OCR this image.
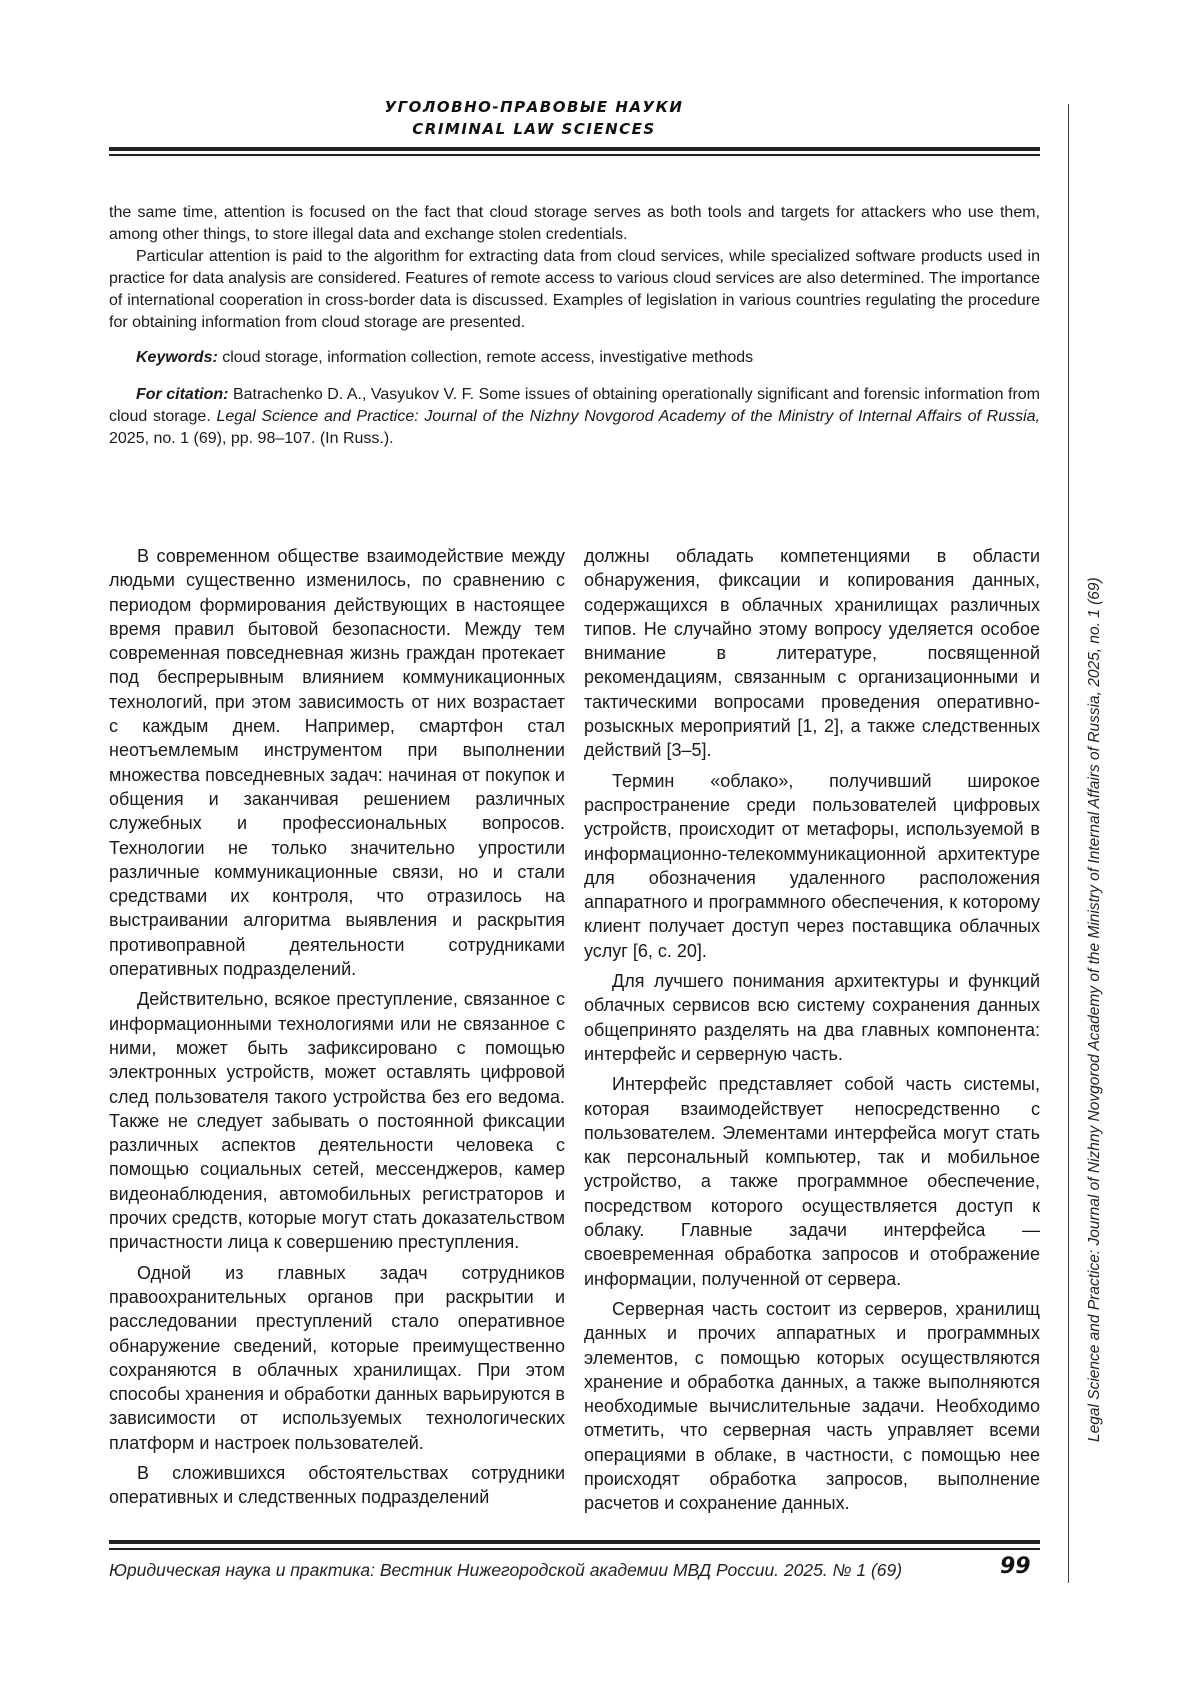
УГОЛОВНО-ПРАВОВЫЕ НАУКИ
CRIMINAL LAW SCIENCES
Legal Science and Practice: Journal of Nizhny Novgorod Academy of the Ministry of Internal Affairs of Russia, 2025, no. 1 (69)

the same time, attention is focused on the fact that cloud storage serves as both tools and targets for attackers who use them, among other things, to store illegal data and exchange stolen credentials.

Particular attention is paid to the algorithm for extracting data from cloud services, while specialized software products used in practice for data analysis are considered. Features of remote access to various cloud services are also determined. The importance of international cooperation in cross-border data is discussed. Examples of legislation in various countries regulating the procedure for obtaining information from cloud storage are presented.

Keywords: cloud storage, information collection, remote access, investigative methods

For citation: Batrachenko D. A., Vasyukov V. F. Some issues of obtaining operationally significant and forensic information from cloud storage. Legal Science and Practice: Journal of the Nizhny Novgorod Academy of the Ministry of Internal Affairs of Russia, 2025, no. 1 (69), pp. 98–107. (In Russ.).

В современном обществе взаимодействие между людьми существенно изменилось, по сравнению с периодом формирования действующих в настоящее время правил бытовой безопасности. Между тем современная повседневная жизнь граждан протекает под беспрерывным влиянием коммуникационных технологий, при этом зависимость от них возрастает с каждым днем. Например, смартфон стал неотъемлемым инструментом при выполнении множества повседневных задач: начиная от покупок и общения и заканчивая решением различных служебных и профессиональных вопросов. Технологии не только значительно упростили различные коммуникационные связи, но и стали средствами их контроля, что отразилось на выстраивании алгоритма выявления и раскрытия противоправной деятельности сотрудниками оперативных подразделений.

Действительно, всякое преступление, связанное с информационными технологиями или не связанное с ними, может быть зафиксировано с помощью электронных устройств, может оставлять цифровой след пользователя такого устройства без его ведома. Также не следует забывать о постоянной фиксации различных аспектов деятельности человека с помощью социальных сетей, мессенджеров, камер видеонаблюдения, автомобильных регистраторов и прочих средств, которые могут стать доказательством причастности лица к совершению преступления.

Одной из главных задач сотрудников правоохранительных органов при раскрытии и расследовании преступлений стало оперативное обнаружение сведений, которые преимущественно сохраняются в облачных хранилищах. При этом способы хранения и обработки данных варьируются в зависимости от используемых технологических платформ и настроек пользователей.

В сложившихся обстоятельствах сотрудники оперативных и следственных подразделений

должны обладать компетенциями в области обнаружения, фиксации и копирования данных, содержащихся в облачных хранилищах различных типов. Не случайно этому вопросу уделяется особое внимание в литературе, посвященной рекомендациям, связанным с организационными и тактическими вопросами проведения оперативно-розыскных мероприятий [1, 2], а также следственных действий [3–5].

Термин «облако», получивший широкое распространение среди пользователей цифровых устройств, происходит от метафоры, используемой в информационно-телекоммуникационной архитектуре для обозначения удаленного расположения аппаратного и программного обеспечения, к которому клиент получает доступ через поставщика облачных услуг [6, с. 20].

Для лучшего понимания архитектуры и функций облачных сервисов всю систему сохранения данных общепринято разделять на два главных компонента: интерфейс и серверную часть.

Интерфейс представляет собой часть системы, которая взаимодействует непосредственно с пользователем. Элементами интерфейса могут стать как персональный компьютер, так и мобильное устройство, а также программное обеспечение, посредством которого осуществляется доступ к облаку. Главные задачи интерфейса — своевременная обработка запросов и отображение информации, полученной от сервера.

Серверная часть состоит из серверов, хранилищ данных и прочих аппаратных и программных элементов, с помощью которых осуществляются хранение и обработка данных, а также выполняются необходимые вычислительные задачи. Необходимо отметить, что серверная часть управляет всеми операциями в облаке, в частности, с помощью нее происходят обработка запросов, выполнение расчетов и сохранение данных.

Юридическая наука и практика: Вестник Нижегородской академии МВД России. 2025. № 1 (69)	99
